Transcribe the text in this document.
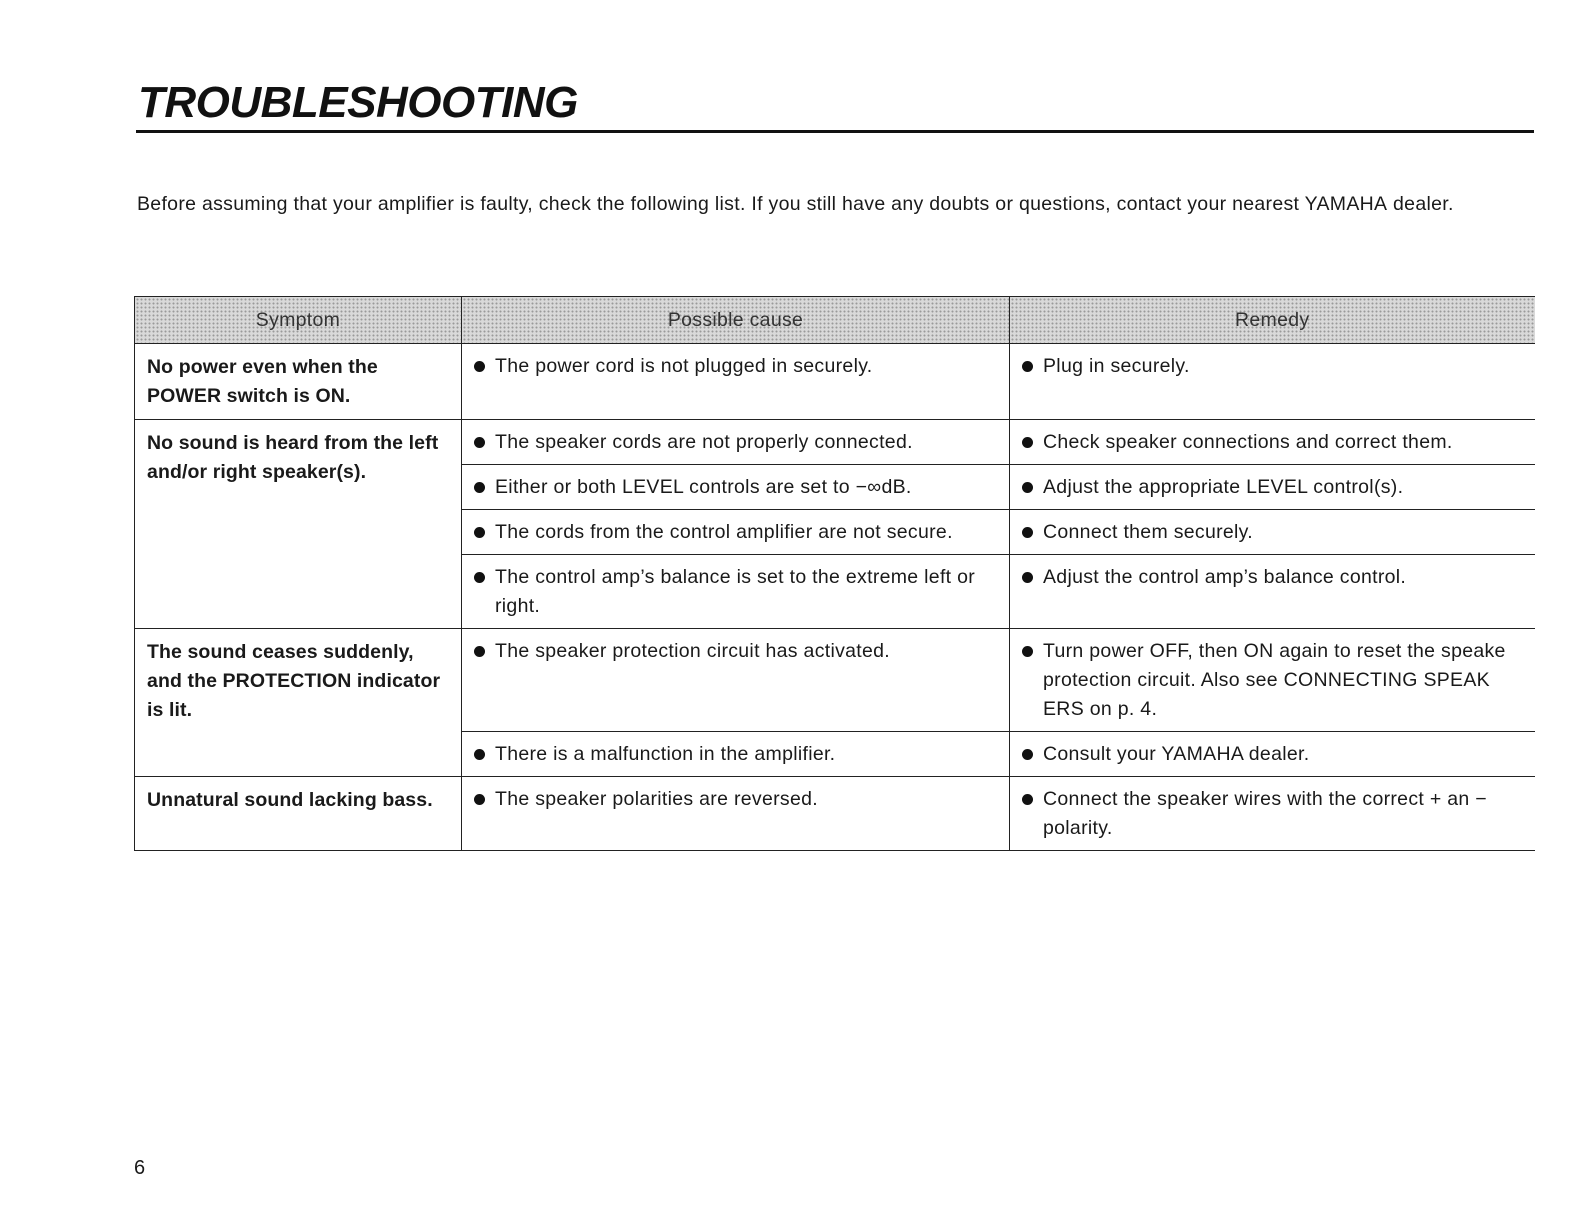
TROUBLESHOOTING

Before assuming that your amplifier is faulty, check the following list. If you still have any doubts or questions, contact your nearest YAMAHА dealer.

Symptom	Possible cause	Remedy
No power even when the POWER switch is ON.	The power cord is not plugged in securely.	Plug in securely.

No sound is heard from the left and/or right speaker(s).	The speaker cords are not properly connected.	Check speaker connections and correct them.

	Either or both LEVEL controls are set to −∞dB.	Adjust the appropriate LEVEL control(s).

	The cords from the control amplifier are not secure.	Connect them securely.

	The control amp’s balance is set to the extreme left or right.	Adjust the control amp’s balance control.

The sound ceases suddenly, and the PROTECTION indicator is lit.	The speaker protection circuit has activated.	Turn power OFF, then ON again to reset the speake protection circuit. Also see CONNECTING SPEAK ERS on p. 4.

	There is a malfunction in the amplifier.	Consult your YAMAHA dealer.

Unnatural sound lacking bass.	The speaker polarities are reversed.	Connect the speaker wires with the correct + an − polarity.
6
